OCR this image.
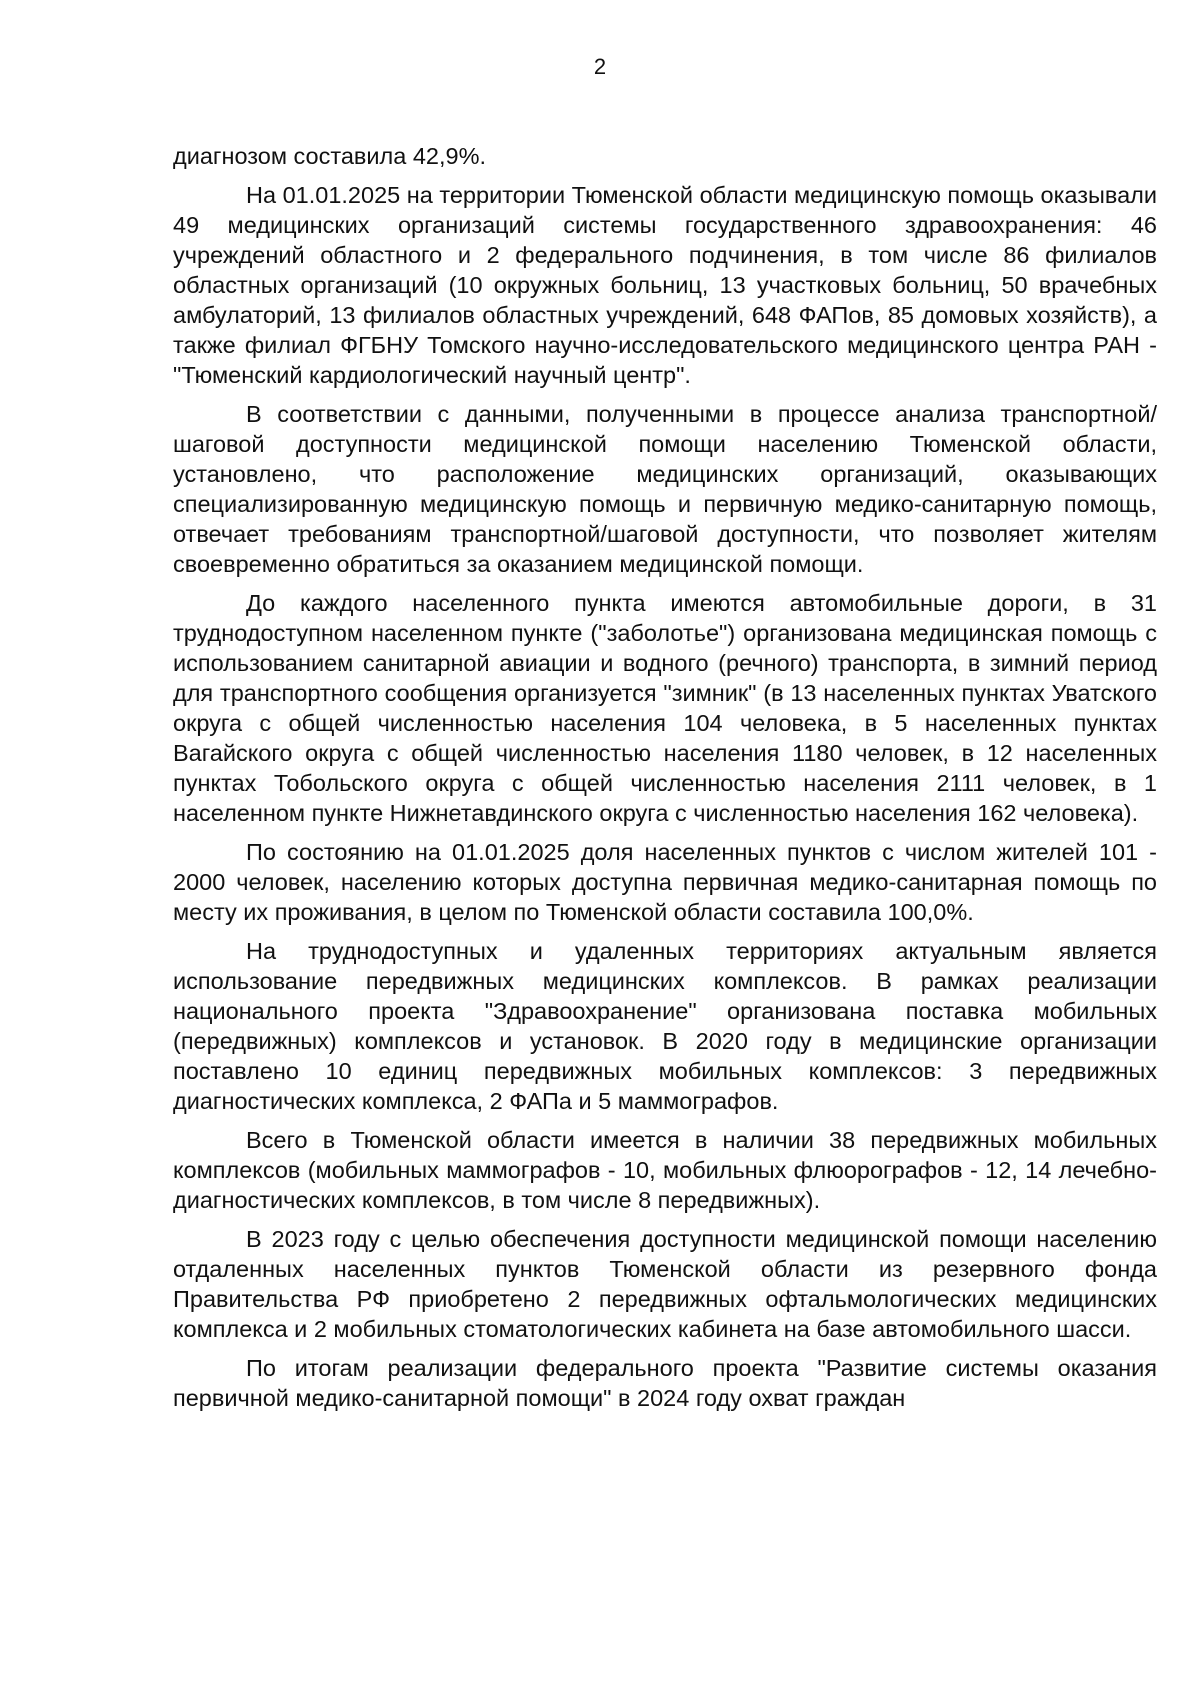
2

диагнозом составила 42,9%.

На 01.01.2025 на территории Тюменской области медицинскую помощь оказывали 49 медицинских организаций системы государственного здравоохранения: 46 учреждений областного и 2 федерального подчинения, в том числе 86 филиалов областных организаций (10 окружных больниц, 13 участковых больниц, 50 врачебных амбулаторий, 13 филиалов областных учреждений, 648 ФАПов, 85 домовых хозяйств), а также филиал ФГБНУ Томского научно-исследовательского медицинского центра РАН - "Тюменский кардиологический научный центр".

В соответствии с данными, полученными в процессе анализа транспортной/шаговой доступности медицинской помощи населению Тюменской области, установлено, что расположение медицинских организаций, оказывающих специализированную медицинскую помощь и первичную медико-санитарную помощь, отвечает требованиям транспортной/шаговой доступности, что позволяет жителям своевременно обратиться за оказанием медицинской помощи.

До каждого населенного пункта имеются автомобильные дороги, в 31 труднодоступном населенном пункте ("заболотье") организована медицинская помощь с использованием санитарной авиации и водного (речного) транспорта, в зимний период для транспортного сообщения организуется "зимник" (в 13 населенных пунктах Уватского округа с общей численностью населения 104 человека, в 5 населенных пунктах Вагайского округа с общей численностью населения 1180 человек, в 12 населенных пунктах Тобольского округа с общей численностью населения 2111 человек, в 1 населенном пункте Нижнетавдинского округа с численностью населения 162 человека).

По состоянию на 01.01.2025 доля населенных пунктов с числом жителей 101 - 2000 человек, населению которых доступна первичная медико-санитарная помощь по месту их проживания, в целом по Тюменской области составила 100,0%.

На труднодоступных и удаленных территориях актуальным является использование передвижных медицинских комплексов. В рамках реализации национального проекта "Здравоохранение" организована поставка мобильных (передвижных) комплексов и установок. В 2020 году в медицинские организации поставлено 10 единиц передвижных мобильных комплексов: 3 передвижных диагностических комплекса, 2 ФАПа и 5 маммографов.

Всего в Тюменской области имеется в наличии 38 передвижных мобильных комплексов (мобильных маммографов - 10, мобильных флюорографов - 12, 14 лечебно-диагностических комплексов, в том числе 8 передвижных).

В 2023 году с целью обеспечения доступности медицинской помощи населению отдаленных населенных пунктов Тюменской области из резервного фонда Правительства РФ приобретено 2 передвижных офтальмологических медицинских комплекса и 2 мобильных стоматологических кабинета на базе автомобильного шасси.

По итогам реализации федерального проекта "Развитие системы оказания первичной медико-санитарной помощи" в 2024 году охват граждан
